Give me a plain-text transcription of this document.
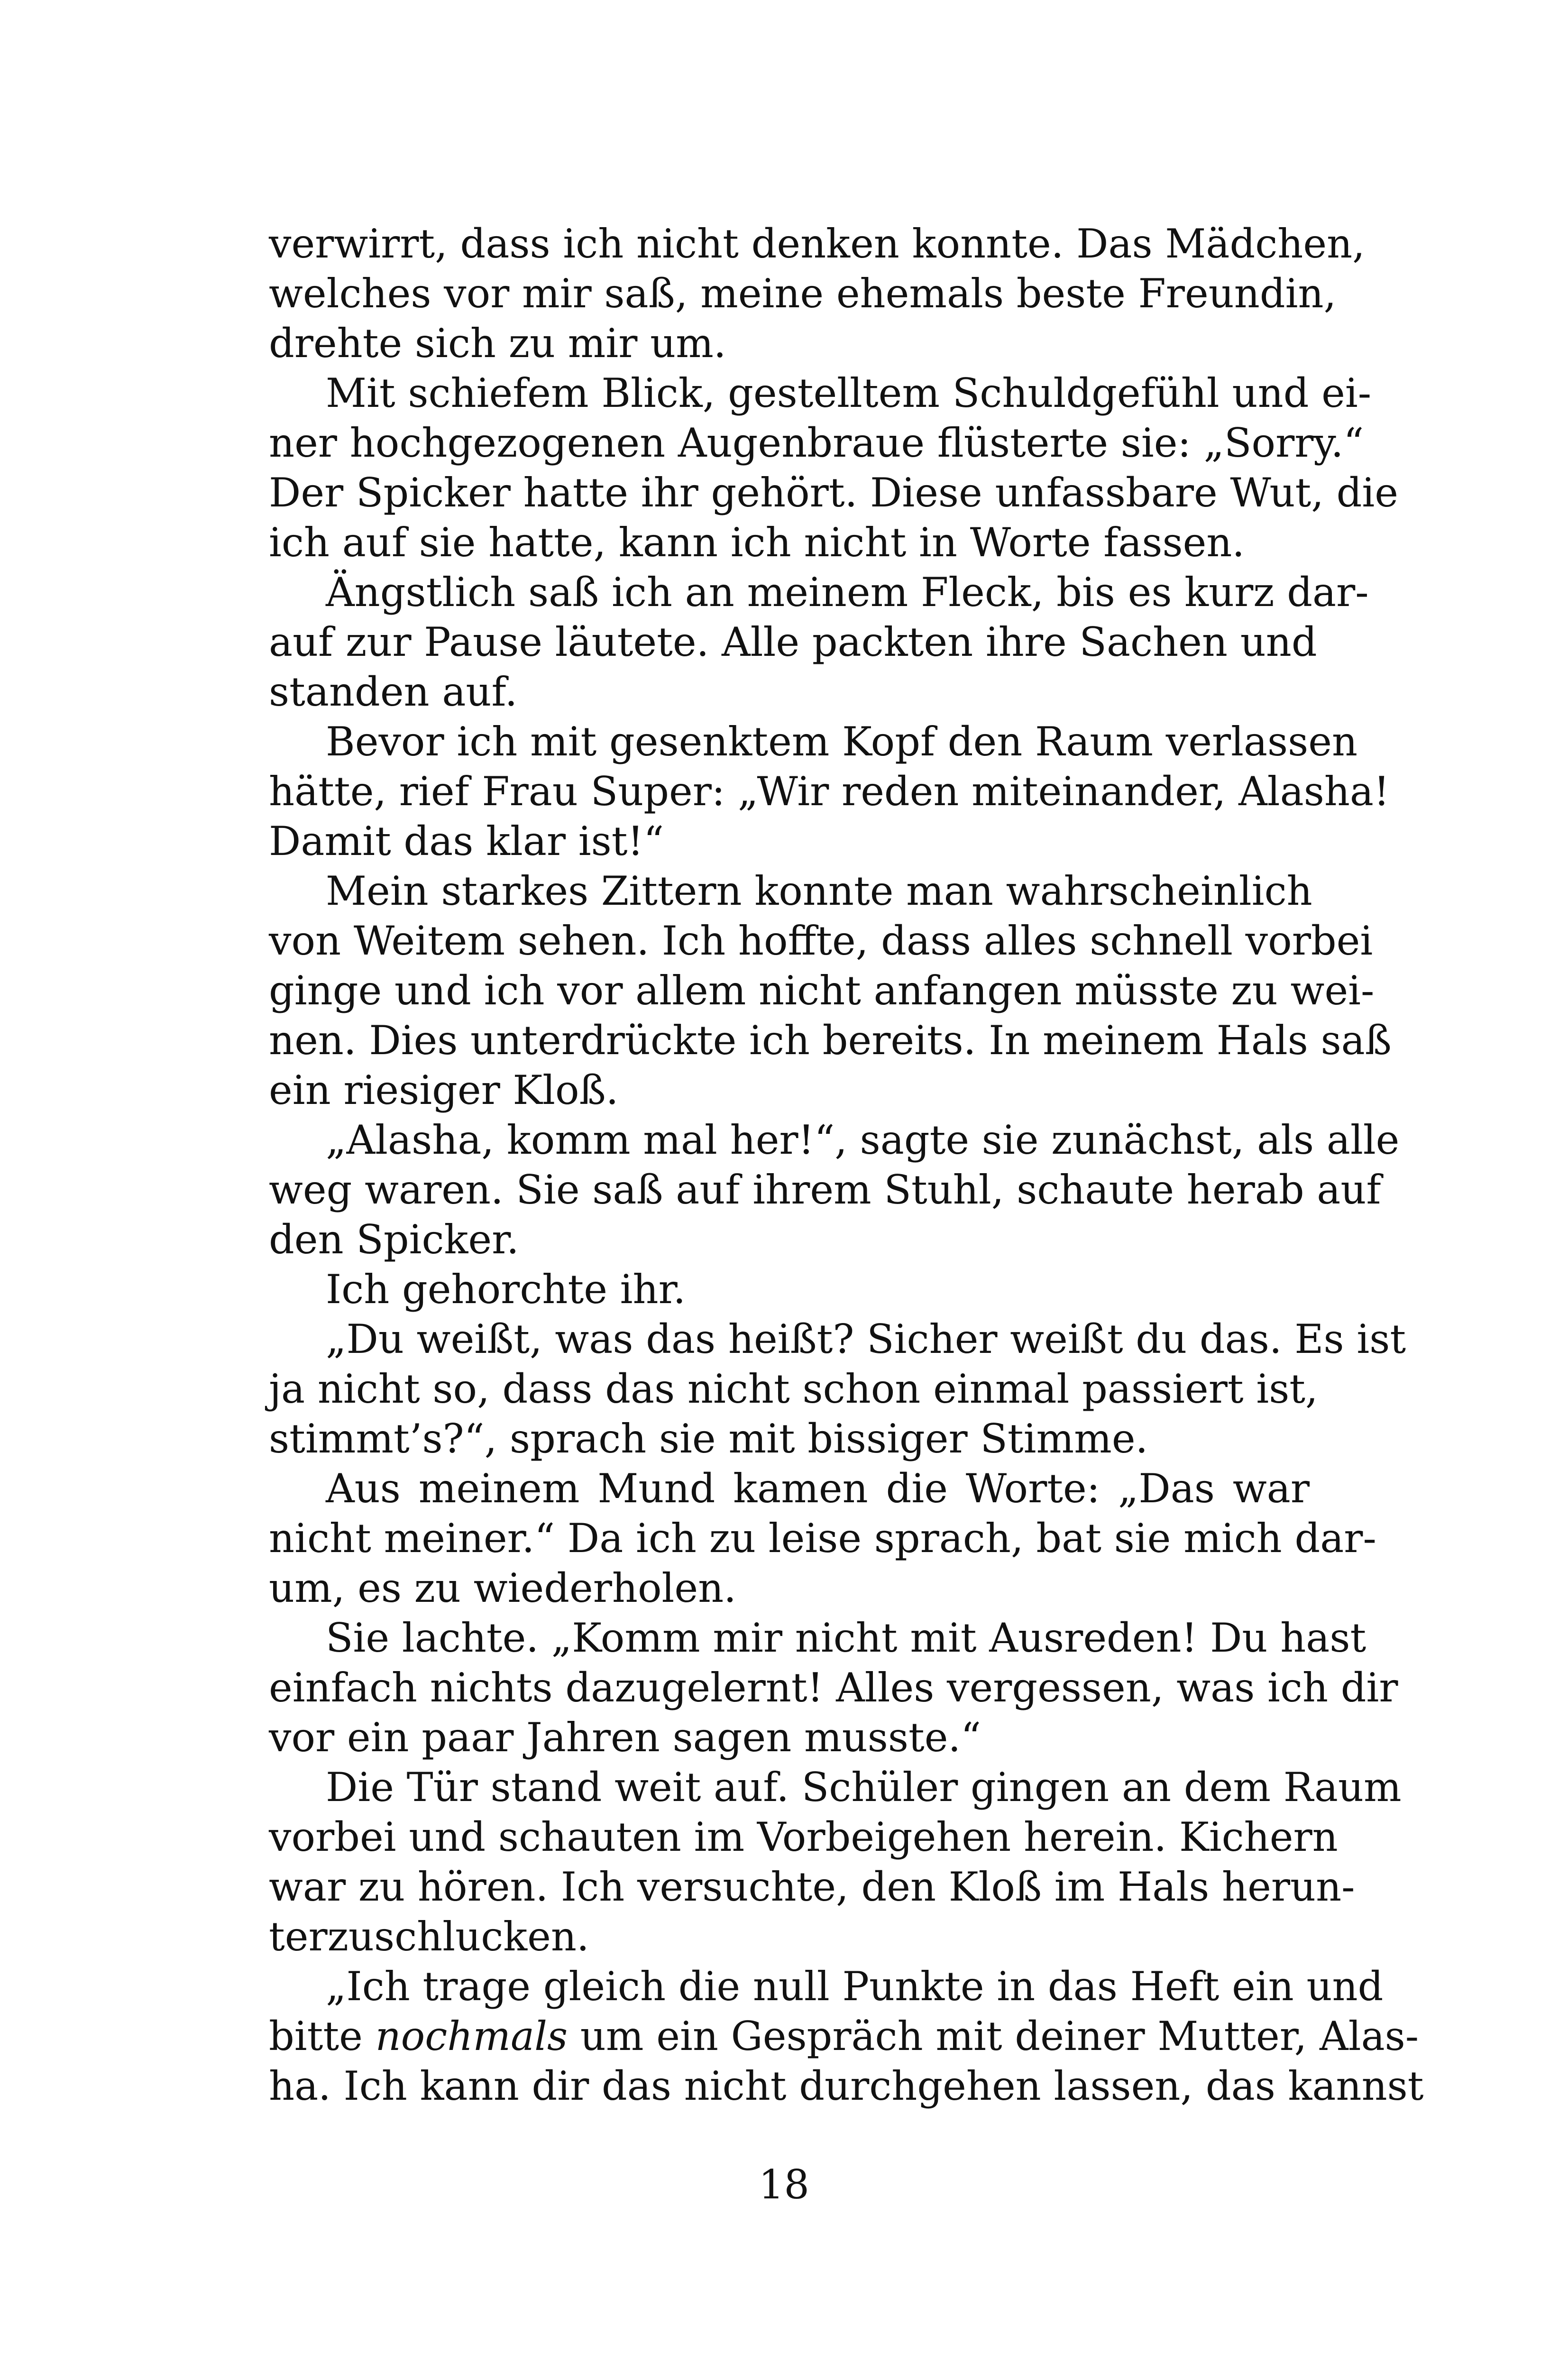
verwirrt, dass ich nicht denken konnte. Das Mädchen,
welches vor mir saß, meine ehemals beste Freundin,
drehte sich zu mir um.
Mit schiefem Blick, gestelltem Schuldgefühl und ei-
ner hochgezogenen Augenbraue flüsterte sie: „Sorry.“
Der Spicker hatte ihr gehört. Diese unfassbare Wut, die
ich auf sie hatte, kann ich nicht in Worte fassen.
Ängstlich saß ich an meinem Fleck, bis es kurz dar-
auf zur Pause läutete. Alle packten ihre Sachen und
standen auf.
Bevor ich mit gesenktem Kopf den Raum verlassen
hätte, rief Frau Super: „Wir reden miteinander, Alasha!
Damit das klar ist!“
Mein starkes Zittern konnte man wahrscheinlich
von Weitem sehen. Ich hoffte, dass alles schnell vorbei
ginge und ich vor allem nicht anfangen müsste zu wei-
nen. Dies unterdrückte ich bereits. In meinem Hals saß
ein riesiger Kloß.
„Alasha, komm mal her!“, sagte sie zunächst, als alle
weg waren. Sie saß auf ihrem Stuhl, schaute herab auf
den Spicker.
Ich gehorchte ihr.
„Du weißt, was das heißt? Sicher weißt du das. Es ist
ja nicht so, dass das nicht schon einmal passiert ist,
stimmt’s?“, sprach sie mit bissiger Stimme.
Aus meinem Mund kamen die Worte: „Das war
nicht meiner.“ Da ich zu leise sprach, bat sie mich dar-
um, es zu wiederholen.
Sie lachte. „Komm mir nicht mit Ausreden! Du hast
einfach nichts dazugelernt! Alles vergessen, was ich dir
vor ein paar Jahren sagen musste.“
Die Tür stand weit auf. Schüler gingen an dem Raum
vorbei und schauten im Vorbeigehen herein. Kichern
war zu hören. Ich versuchte, den Kloß im Hals herun-
terzuschlucken.
„Ich trage gleich die null Punkte in das Heft ein und
bitte nochmals um ein Gespräch mit deiner Mutter, Alas-
ha. Ich kann dir das nicht durchgehen lassen, das kannst
18
